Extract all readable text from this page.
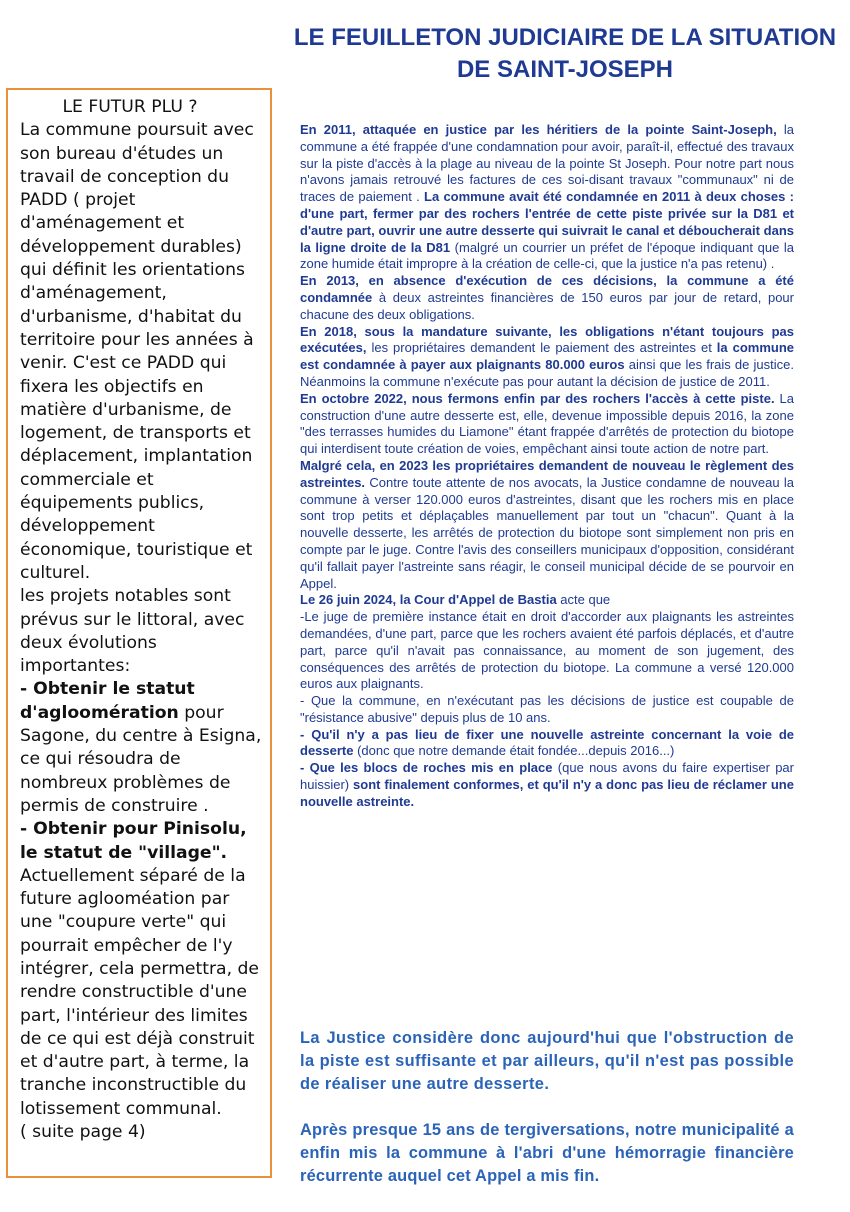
LE FUTUR PLU ?

La commune poursuit avec son bureau d'études un travail de conception du PADD ( projet d'aménagement et développement durables) qui définit les orientations d'aménagement, d'urbanisme, d'habitat du territoire pour les années à venir. C'est ce PADD qui fixera les objectifs en matière d'urbanisme, de logement, de transports et déplacement, implantation commerciale et équipements publics, développement économique, touristique et culturel.

les projets notables sont prévus sur le littoral, avec deux évolutions importantes:

- Obtenir le statut d'agloomération pour Sagone, du centre à Esigna, ce qui résoudra de nombreux problèmes de permis de construire .

- Obtenir pour Pinisolu, le statut de "village". Actuellement séparé de la future aglooméation par une "coupure verte" qui pourrait empêcher de l'y intégrer, cela permettra, de rendre constructible d'une part, l'intérieur des limites de ce qui est déjà construit et d'autre part, à terme, la tranche inconstructible du lotissement communal.

( suite page 4)

LE FEUILLETON JUDICIAIRE DE LA SITUATION DE SAINT-JOSEPH

En 2011, attaquée en justice par les héritiers de la pointe Saint-Joseph, la commune a été frappée d'une condamnation pour avoir, paraît-il, effectué des travaux sur la piste d'accès à la plage au niveau de la pointe St Joseph. Pour notre part nous n'avons jamais retrouvé les factures de ces soi-disant travaux "communaux" ni de traces de paiement . La commune avait été condamnée en 2011 à deux choses : d'une part, fermer par des rochers l'entrée de cette piste privée sur la D81 et d'autre part, ouvrir une autre desserte qui suivrait le canal et déboucherait dans la ligne droite de la D81 (malgré un courrier un préfet de l'époque indiquant que la zone humide était impropre à la création de celle-ci, que la justice n'a pas retenu) .

En 2013, en absence d'exécution de ces décisions, la commune a été condamnée à deux astreintes financières de 150 euros par jour de retard, pour chacune des deux obligations.

En 2018, sous la mandature suivante, les obligations n'étant toujours pas exécutées, les propriétaires demandent le paiement des astreintes et la commune est condamnée à payer aux plaignants 80.000 euros ainsi que les frais de justice. Néanmoins la commune n'exécute pas pour autant la décision de justice de 2011.

En octobre 2022, nous fermons enfin par des rochers l'accès à cette piste. La construction d'une autre desserte est, elle, devenue impossible depuis 2016, la zone "des terrasses humides du Liamone" étant frappée d'arrêtés de protection du biotope qui interdisent toute création de voies, empêchant ainsi toute action de notre part.

Malgré cela, en 2023 les propriétaires demandent de nouveau le règlement des astreintes. Contre toute attente de nos avocats, la Justice condamne de nouveau la commune à verser 120.000 euros d'astreintes, disant que les rochers mis en place sont trop petits et déplaçables manuellement par tout un "chacun". Quant à la nouvelle desserte, les arrêtés de protection du biotope sont simplement non pris en compte par le juge. Contre l'avis des conseillers municipaux d'opposition, considérant qu'il fallait payer l'astreinte sans réagir, le conseil municipal décide de se pourvoir en Appel.

Le 26 juin 2024, la Cour d'Appel de Bastia acte que

-Le juge de première instance était en droit d'accorder aux plaignants les astreintes demandées, d'une part, parce que les rochers avaient été parfois déplacés, et d'autre part, parce qu'il n'avait pas connaissance, au moment de son jugement, des conséquences des arrêtés de protection du biotope. La commune a versé 120.000 euros aux plaignants.

- Que la commune, en n'exécutant pas les décisions de justice est coupable de "résistance abusive" depuis plus de 10 ans.

- Qu'il n'y a pas lieu de fixer une nouvelle astreinte concernant la voie de desserte (donc que notre demande était fondée...depuis 2016...)

- Que les blocs de roches mis en place (que nous avons du faire expertiser par huissier) sont finalement conformes, et qu'il n'y a donc pas lieu de réclamer une nouvelle astreinte.

La Justice considère donc aujourd'hui que l'obstruction de la piste est suffisante et par ailleurs, qu'il n'est pas possible de réaliser une autre desserte.

Après presque 15 ans de tergiversations, notre municipalité a enfin mis la commune à l'abri d'une hémorragie financière récurrente auquel cet Appel a mis fin.
